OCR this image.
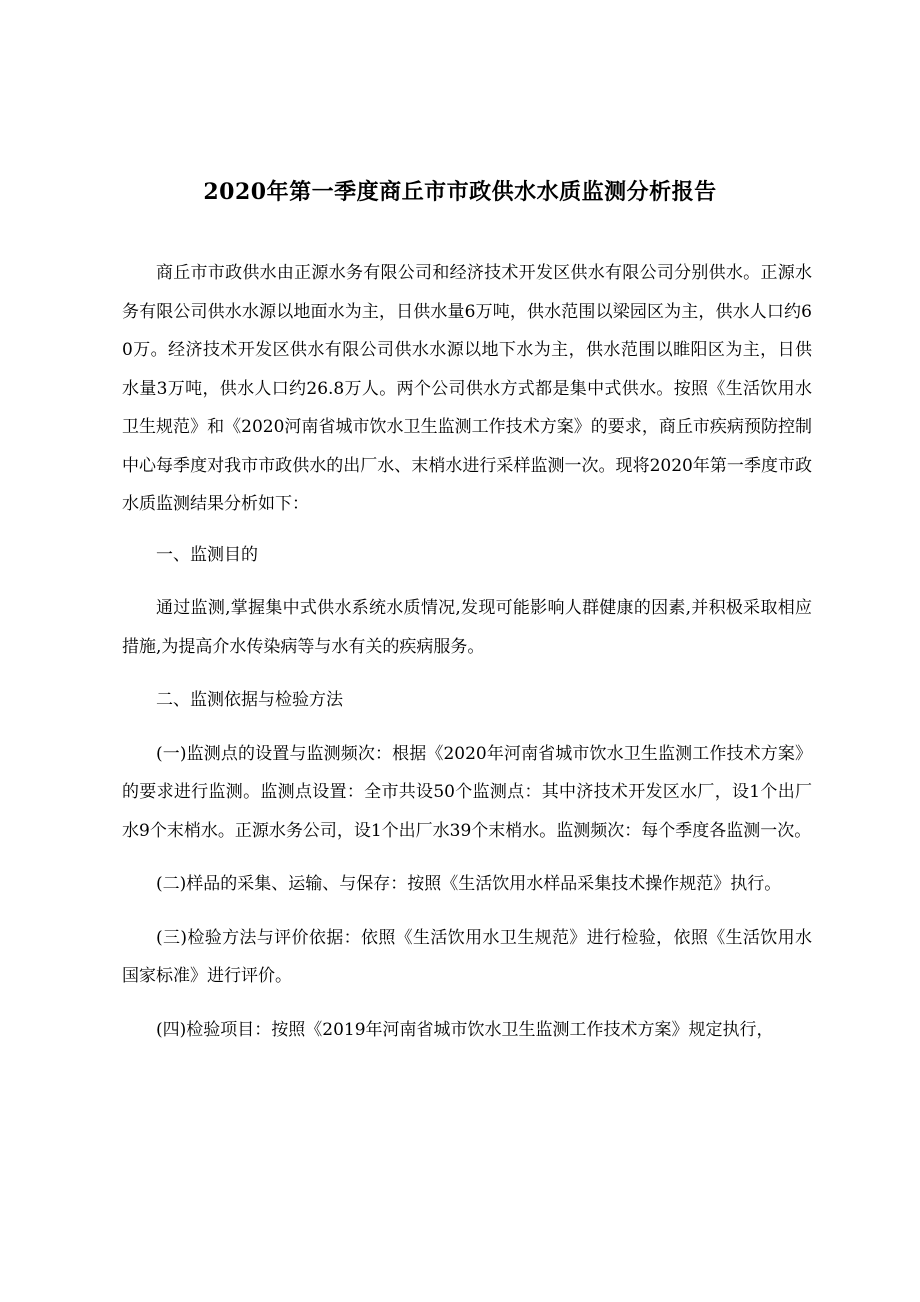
2020年第一季度商丘市市政供水水质监测分析报告

商丘市市政供水由正源水务有限公司和经济技术开发区供水有限公司分别供水。正源水务有限公司供水水源以地面水为主，日供水量6万吨，供水范围以梁园区为主，供水人口约60万。经济技术开发区供水有限公司供水水源以地下水为主，供水范围以睢阳区为主，日供水量3万吨，供水人口约26.8万人。两个公司供水方式都是集中式供水。按照《生活饮用水卫生规范》和《2020河南省城市饮水卫生监测工作技术方案》的要求，商丘市疾病预防控制中心每季度对我市市政供水的出厂水、末梢水进行采样监测一次。现将2020年第一季度市政水质监测结果分析如下：

一、监测目的

通过监测,掌握集中式供水系统水质情况,发现可能影响人群健康的因素,并积极采取相应措施,为提高介水传染病等与水有关的疾病服务。

二、监测依据与检验方法

(一)监测点的设置与监测频次：根据《2020年河南省城市饮水卫生监测工作技术方案》的要求进行监测。监测点设置：全市共设50个监测点：其中济技术开发区水厂，设1个出厂水9个末梢水。正源水务公司，设1个出厂水39个末梢水。监测频次：每个季度各监测一次。

(二)样品的采集、运输、与保存：按照《生活饮用水样品采集技术操作规范》执行。

(三)检验方法与评价依据：依照《生活饮用水卫生规范》进行检验，依照《生活饮用水国家标准》进行评价。

(四)检验项目：按照《2019年河南省城市饮水卫生监测工作技术方案》规定执行，
